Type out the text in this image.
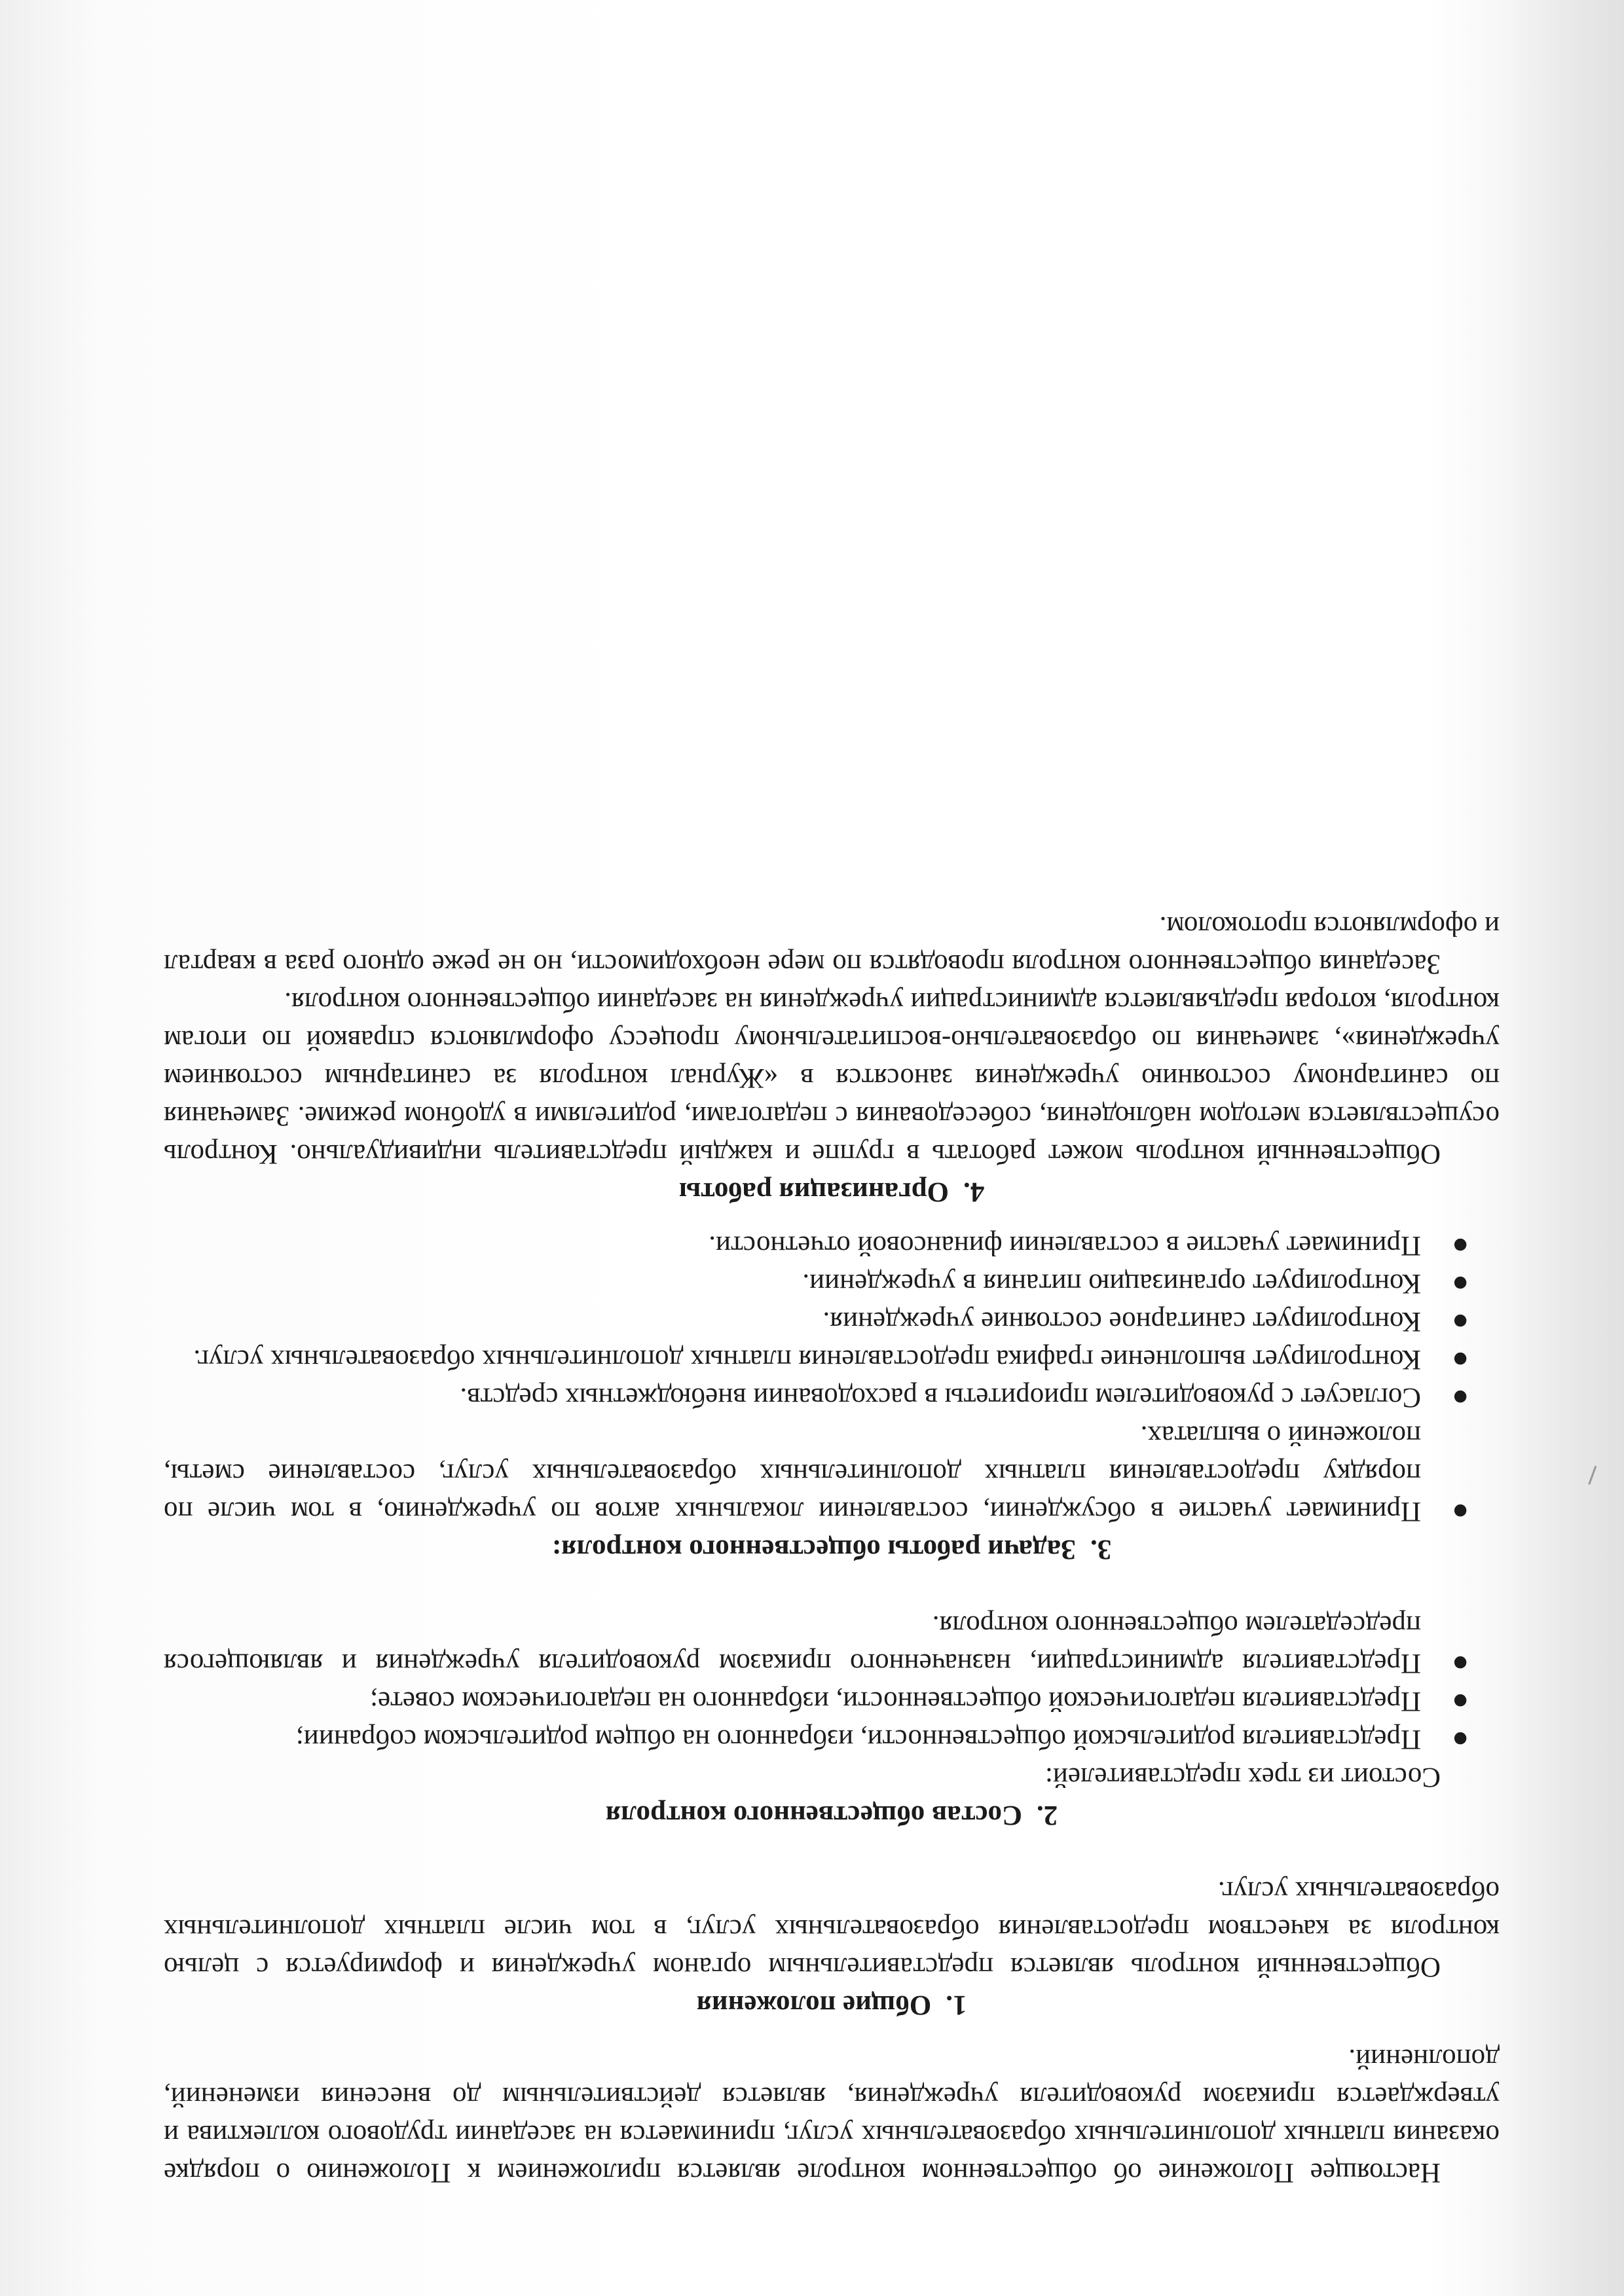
Настоящее Положение об общественном контроле является приложением к Положению о порядке оказания платных дополнительных образовательных услуг, принимается на заседании трудового коллектива и утверждается приказом руководителя учреждения, является действительным до внесения изменений, дополнений.

1.Общие положения

Общественный контроль является представительным органом учреждения и формируется с целью контроля за качеством предоставления образовательных услуг, в том числе платных дополнительных образовательных услуг.

2.Состав общественного контроля

Состоит из трех представителей:

●
Представителя родительской общественности, избранного на общем родительском собрании;
●
Представителя педагогической общественности, избранного на педагогическом совете;
●
Представителя администрации, назначенного приказом руководителя учреждения и являющегося председателем общественного контроля.
3.Задачи работы общественного контроля:
●
Принимает участие в обсуждении, составлении локальных актов по учреждению, в том числе по порядку предоставления платных дополнительных образовательных услуг, составление сметы, положений о выплатах.
●
Согласует с руководителем приоритеты в расходовании внебюджетных средств.
●
Контролирует выполнение графика предоставления платных дополнительных образовательных услуг.
●
Контролирует санитарное состояние учреждения.
●
Контролирует организацию питания в учреждении.
●
Принимает участие в составлении финансовой отчетности.
4.Организация работы

Общественный контроль может работать в группе и каждый представитель индивидуально. Контроль осуществляется методом наблюдения, собеседования с педагогами, родителями в удобном режиме. Замечания по санитарному состоянию учреждения заносятся в «Журнал контроля за санитарным состоянием учреждения», замечания по образовательно-воспитательному процессу оформляются справкой по итогам контроля, которая предъявляется администрации учреждения на заседании общественного контроля.

Заседания общественного контроля проводятся по мере необходимости, но не реже одного раза в квартал и оформляются протоколом.
